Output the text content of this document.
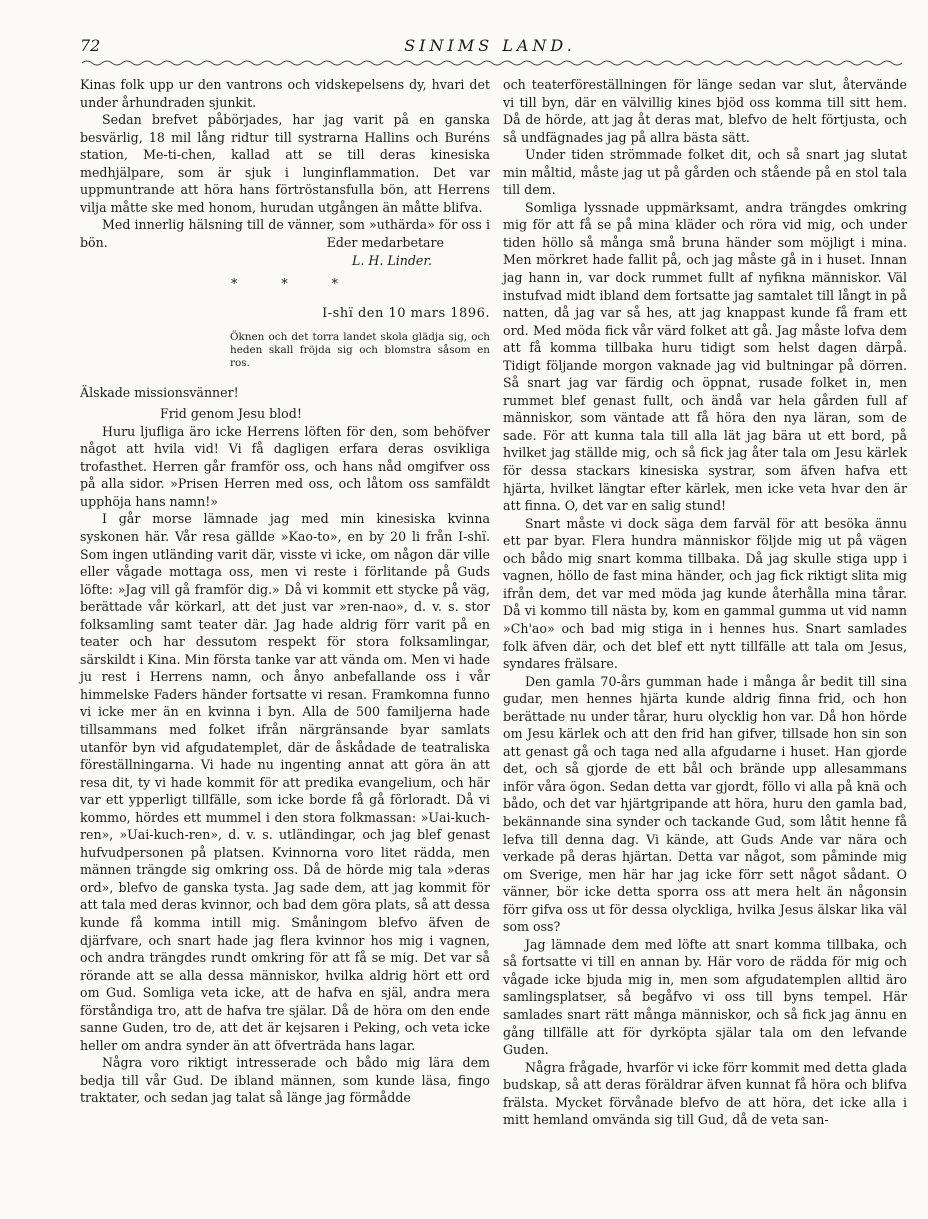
72	SINIMS LAND.

Kinas folk upp ur den vantrons och vidskepelsens dy, hvari det under århundraden sjunkit.

Sedan brefvet påbörjades, har jag varit på en ganska besvärlig, 18 mil lång ridtur till systrarna Hallins och Buréns station, Me-ti-chen, kallad att se till deras kinesiska medhjälpare, som är sjuk i lunginflammation. Det var uppmuntrande att höra hans förtröstansfulla bön, att Herrens vilja måtte ske med honom, hurudan utgången än måtte blifva.

Med innerlig hälsning till de vänner, som »uthärda» för oss i bön.	Eder medarbetare

L. H. Linder.

* * *

I-shï den 10 mars 1896.

Öknen och det torra landet skola glädja sig, och heden skall fröjda sig och blomstra såsom en ros.

Älskade missionsvänner!

Frid genom Jesu blod!

Huru ljufliga äro icke Herrens löften för den, som behöfver något att hvila vid! Vi få dagligen erfara deras osvikliga trofasthet. Herren går framför oss, och hans nåd omgifver oss på alla sidor. »Prisen Herren med oss, och låtom oss samfäldt upphöja hans namn!»

I går morse lämnade jag med min kinesiska kvinna syskonen här. Vår resa gällde »Kao-to», en by 20 li från I-shï. Som ingen utländing varit där, visste vi icke, om någon där ville eller vågade mottaga oss, men vi reste i förlitande på Guds löfte: »Jag vill gå framför dig.» Då vi kommit ett stycke på väg, berättade vår körkarl, att det just var »ren-nao», d. v. s. stor folksamling samt teater där. Jag hade aldrig förr varit på en teater och har dessutom respekt för stora folksamlingar, särskildt i Kina. Min första tanke var att vända om. Men vi hade ju rest i Herrens namn, och ånyo anbefallande oss i vår himmelske Faders händer fortsatte vi resan. Framkomna funno vi icke mer än en kvinna i byn. Alla de 500 familjerna hade tillsammans med folket ifrån närgränsande byar samlats utanför byn vid afgudatemplet, där de åskådade de teatraliska föreställningarna. Vi hade nu ingenting annat att göra än att resa dit, ty vi hade kommit för att predika evangelium, och här var ett ypperligt tillfälle, som icke borde få gå förloradt. Då vi kommo, hördes ett mummel i den stora folkmassan: »Uai-kuch-ren», »Uai-kuch-ren», d. v. s. utländingar, och jag blef genast hufvudpersonen på platsen. Kvinnorna voro litet rädda, men männen trängde sig omkring oss. Då de hörde mig tala »deras ord», blefvo de ganska tysta. Jag sade dem, att jag kommit för att tala med deras kvinnor, och bad dem göra plats, så att dessa kunde få komma intill mig. Småningom blefvo äfven de djärfvare, och snart hade jag flera kvinnor hos mig i vagnen, och andra trängdes rundt omkring för att få se mig. Det var så rörande att se alla dessa människor, hvilka aldrig hört ett ord om Gud. Somliga veta icke, att de hafva en själ, andra mera förståndiga tro, att de hafva tre själar. Då de höra om den ende sanne Guden, tro de, att det är kejsaren i Peking, och veta icke heller om andra synder än att öfverträda hans lagar.

Några voro riktigt intresserade och bådo mig lära dem bedja till vår Gud. De ibland männen, som kunde läsa, fingo traktater, och sedan jag talat så länge jag förmådde

och teaterföreställningen för länge sedan var slut, återvände vi till byn, där en välvillig kines bjöd oss komma till sitt hem. Då de hörde, att jag åt deras mat, blefvo de helt förtjusta, och så undfägnades jag på allra bästa sätt.

Under tiden strömmade folket dit, och så snart jag slutat min måltid, måste jag ut på gården och stående på en stol tala till dem.

Somliga lyssnade uppmärksamt, andra trängdes omkring mig för att få se på mina kläder och röra vid mig, och under tiden höllo så många små bruna händer som möjligt i mina. Men mörkret hade fallit på, och jag måste gå in i huset. Innan jag hann in, var dock rummet fullt af nyfikna människor. Väl instufvad midt ibland dem fortsatte jag samtalet till långt in på natten, då jag var så hes, att jag knappast kunde få fram ett ord. Med möda fick vår värd folket att gå. Jag måste lofva dem att få komma tillbaka huru tidigt som helst dagen därpå. Tidigt följande morgon vaknade jag vid bultningar på dörren. Så snart jag var färdig och öppnat, rusade folket in, men rummet blef genast fullt, och ändå var hela gården full af människor, som väntade att få höra den nya läran, som de sade. För att kunna tala till alla lät jag bära ut ett bord, på hvilket jag ställde mig, och så fick jag åter tala om Jesu kärlek för dessa stackars kinesiska systrar, som äfven hafva ett hjärta, hvilket längtar efter kärlek, men icke veta hvar den är att finna. O, det var en salig stund!

Snart måste vi dock säga dem farväl för att besöka ännu ett par byar. Flera hundra människor följde mig ut på vägen och bådo mig snart komma tillbaka. Då jag skulle stiga upp i vagnen, höllo de fast mina händer, och jag fick riktigt slita mig ifrån dem, det var med möda jag kunde återhålla mina tårar. Då vi kommo till nästa by, kom en gammal gumma ut vid namn »Ch'ao» och bad mig stiga in i hennes hus. Snart samlades folk äfven där, och det blef ett nytt tillfälle att tala om Jesus, syndares frälsare.

Den gamla 70-års gumman hade i många år bedit till sina gudar, men hennes hjärta kunde aldrig finna frid, och hon berättade nu under tårar, huru olycklig hon var. Då hon hörde om Jesu kärlek och att den frid han gifver, tillsade hon sin son att genast gå och taga ned alla afgudarne i huset. Han gjorde det, och så gjorde de ett bål och brände upp allesammans inför våra ögon. Sedan detta var gjordt, föllo vi alla på knä och bådo, och det var hjärtgripande att höra, huru den gamla bad, bekännande sina synder och tackande Gud, som låtit henne få lefva till denna dag. Vi kände, att Guds Ande var nära och verkade på deras hjärtan. Detta var något, som påminde mig om Sverige, men här har jag icke förr sett något sådant. O vänner, bör icke detta sporra oss att mera helt än någonsin förr gifva oss ut för dessa olyckliga, hvilka Jesus älskar lika väl som oss?

Jag lämnade dem med löfte att snart komma tillbaka, och så fortsatte vi till en annan by. Här voro de rädda för mig och vågade icke bjuda mig in, men som afgudatemplen alltid äro samlingsplatser, så begåfvo vi oss till byns tempel. Här samlades snart rätt många människor, och så fick jag ännu en gång tillfälle att för dyrköpta själar tala om den lefvande Guden.

Några frågade, hvarför vi icke förr kommit med detta glada budskap, så att deras föräldrar äfven kunnat få höra och blifva frälsta. Mycket förvånade blefvo de att höra, det icke alla i mitt hemland omvända sig till Gud, då de veta san-
